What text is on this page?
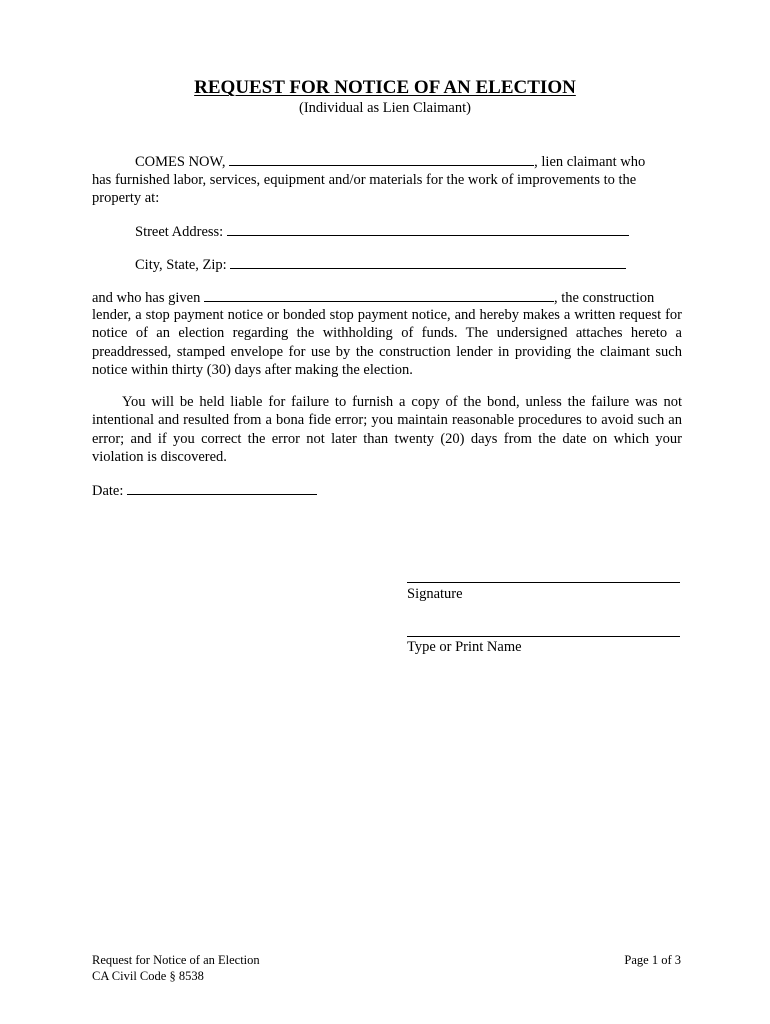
REQUEST FOR NOTICE OF AN ELECTION
(Individual as Lien Claimant)
COMES NOW,	, lien claimant who
has furnished labor, services, equipment and/or materials for the work of improvements to the
property at:
Street Address:
City, State, Zip:
and who has given	, the construction
lender, a stop payment notice or bonded stop payment notice, and hereby makes a written request for notice of an election regarding the withholding of funds. The undersigned attaches hereto a preaddressed, stamped envelope for use by the construction lender in providing the claimant such notice within thirty (30) days after making the election.
You will be held liable for failure to furnish a copy of the bond, unless the failure was not intentional and resulted from a bona fide error; you maintain reasonable procedures to avoid such an error; and if you correct the error not later than twenty (20) days from the date on which your violation is discovered.
Date:
Signature
Type or Print Name
Request for Notice of an Election
CA Civil Code § 8538
Page 1 of 3
